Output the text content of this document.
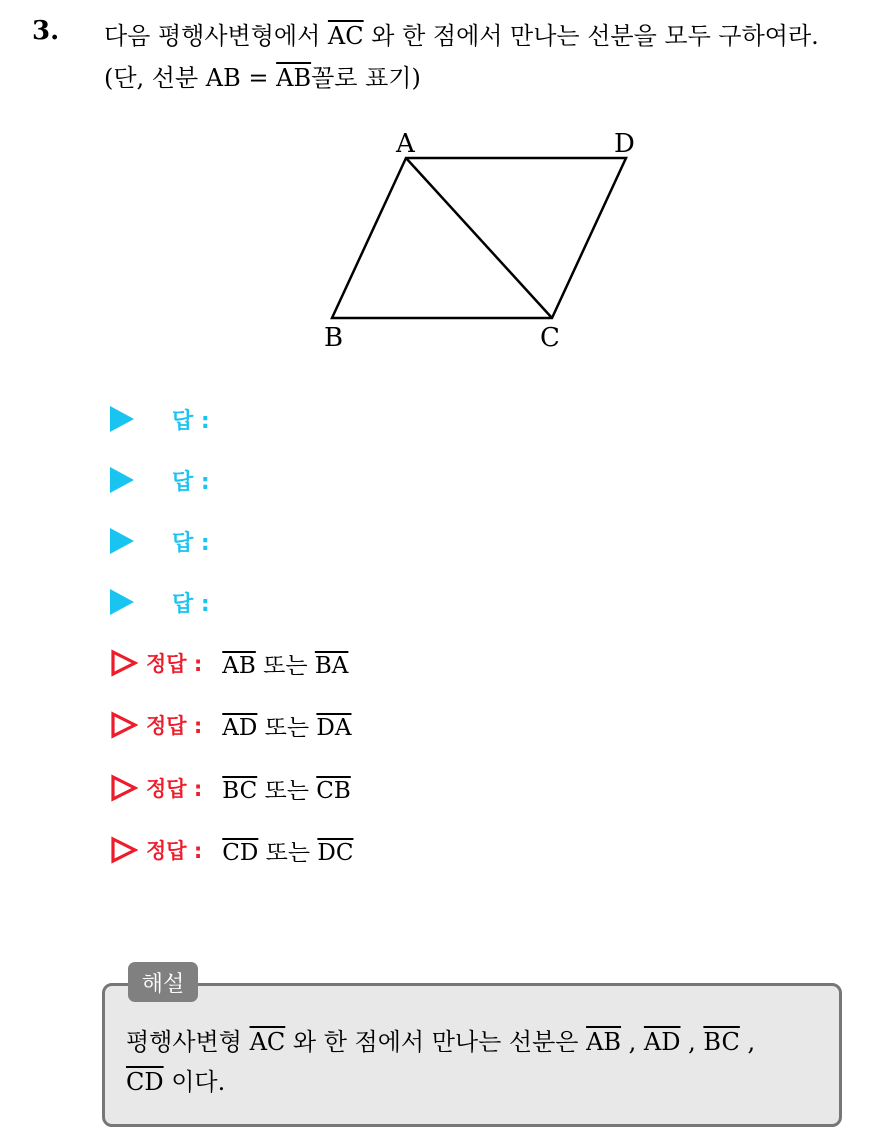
3. 다음 평행사변형에서 $\overline{AC}$ 와 한 점에서 만나는 선분을 모두 구하여라.
(단, 선분 AB = $\overline{AB}$꼴로 표기)
A	D
B	C
답 :
답 :
답 :
답 :
정답 : $\overline{AB}$ 또는 $\overline{BA}$
정답 : $\overline{AD}$ 또는 $\overline{DA}$
정답 : $\overline{BC}$ 또는 $\overline{CB}$
정답 : $\overline{CD}$ 또는 $\overline{DC}$
해설
평행사변형 $\overline{AC}$ 와 한 점에서 만나는 선분은 $\overline{AB}$ , $\overline{AD}$ , $\overline{BC}$ ,
$\overline{CD}$ 이다.
